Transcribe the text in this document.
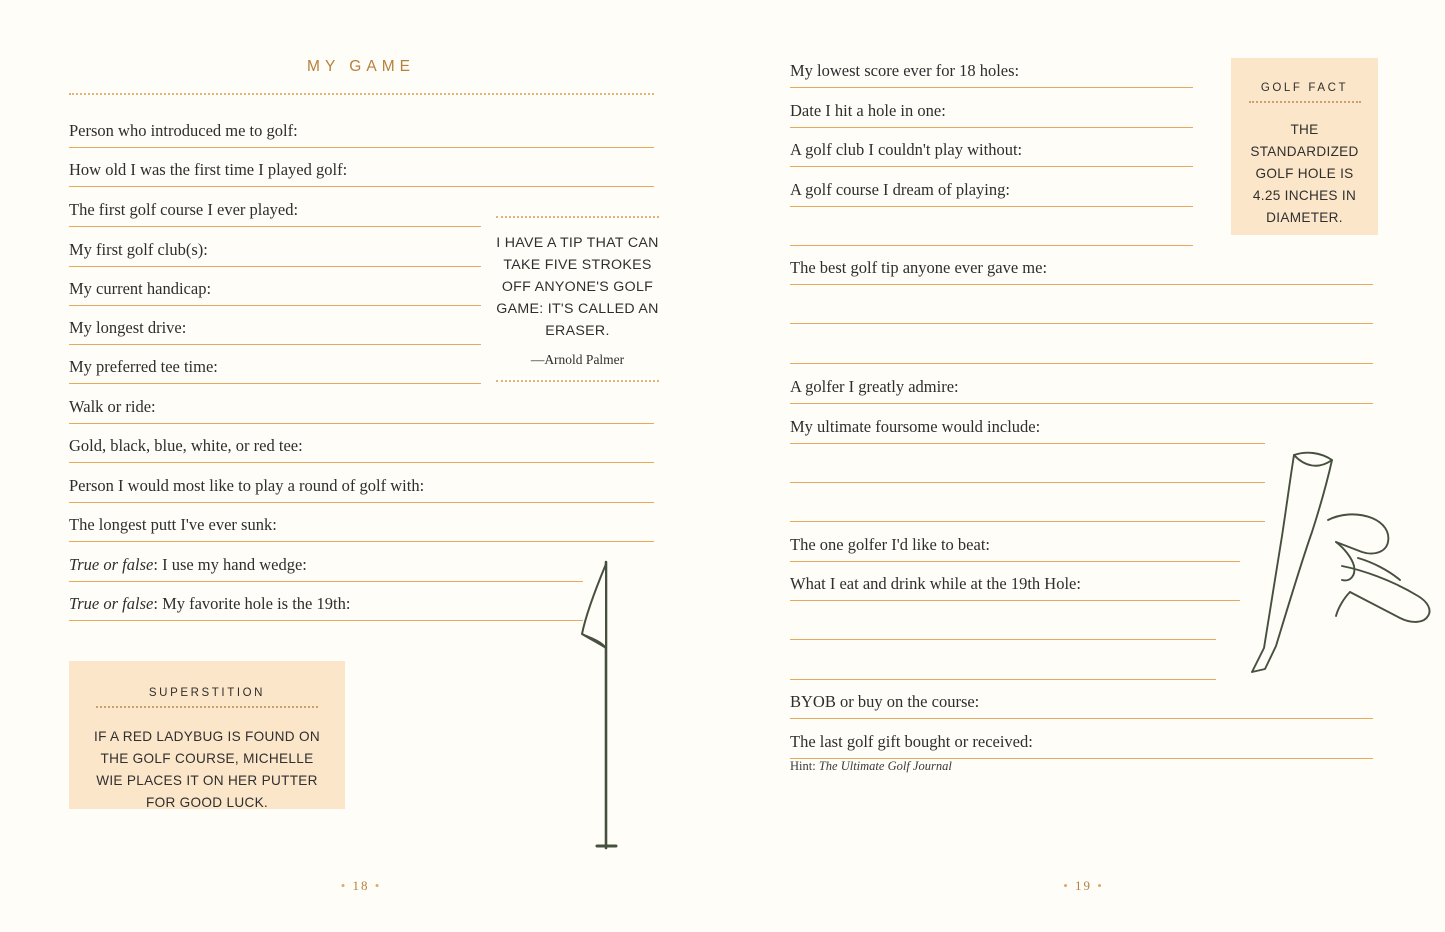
MY GAME
Person who introduced me to golf:
How old I was the first time I played golf:
The first golf course I ever played:
My first golf club(s):
My current handicap:
My longest drive:
My preferred tee time:
Walk or ride:
Gold, black, blue, white, or red tee:
Person I would most like to play a round of golf with:
The longest putt I've ever sunk:
True or false: I use my hand wedge:
True or false: My favorite hole is the 19th:
I HAVE A TIP THAT CAN TAKE FIVE STROKES OFF ANYONE'S GOLF GAME: IT'S CALLED AN ERASER.
—Arnold Palmer
SUPERSTITION
IF A RED LADYBUG IS FOUND ON THE GOLF COURSE, MICHELLE WIE PLACES IT ON HER PUTTER FOR GOOD LUCK.
• 18 •
My lowest score ever for 18 holes:
Date I hit a hole in one:
A golf club I couldn't play without:
A golf course I dream of playing:
The best golf tip anyone ever gave me:
A golfer I greatly admire:
My ultimate foursome would include:
The one golfer I'd like to beat:
What I eat and drink while at the 19th Hole:
BYOB or buy on the course:
The last golf gift bought or received:
Hint: The Ultimate Golf Journal
GOLF FACT
THE STANDARDIZED GOLF HOLE IS 4.25 INCHES IN DIAMETER.
• 19 •
